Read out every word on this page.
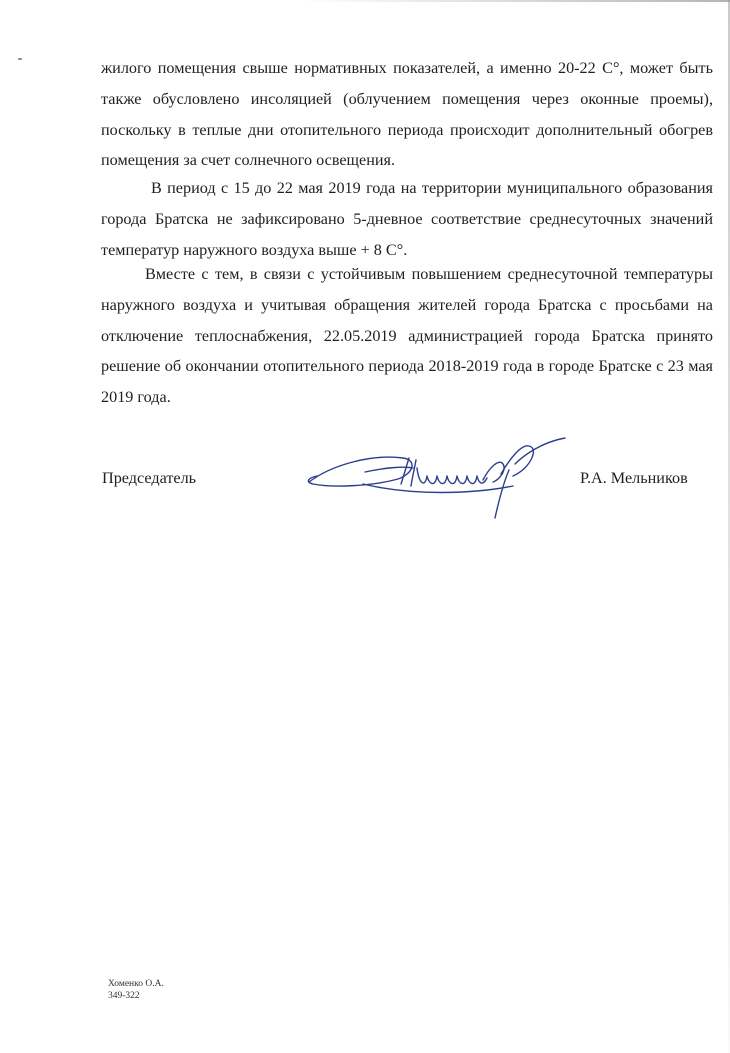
жилого помещения свыше нормативных показателей, а именно 20-22 С°, может быть также обусловлено инсоляцией (облучением помещения через оконные проемы), поскольку в теплые дни отопительного периода происходит дополнительный обогрев помещения за счет солнечного освещения.

В период с 15 до 22 мая 2019 года на территории муниципального образования города Братска не зафиксировано 5-дневное соответствие среднесуточных значений температур наружного воздуха выше + 8 С°.

Вместе с тем, в связи с устойчивым повышением среднесуточной температуры наружного воздуха и учитывая обращения жителей города Братска с просьбами на отключение теплоснабжения, 22.05.2019 администрацией города Братска принято решение об окончании отопительного периода 2018-2019 года в городе Братске с 23 мая 2019 года.

Председатель	Р.А. Мельников
Хоменко О.А.
349-322
